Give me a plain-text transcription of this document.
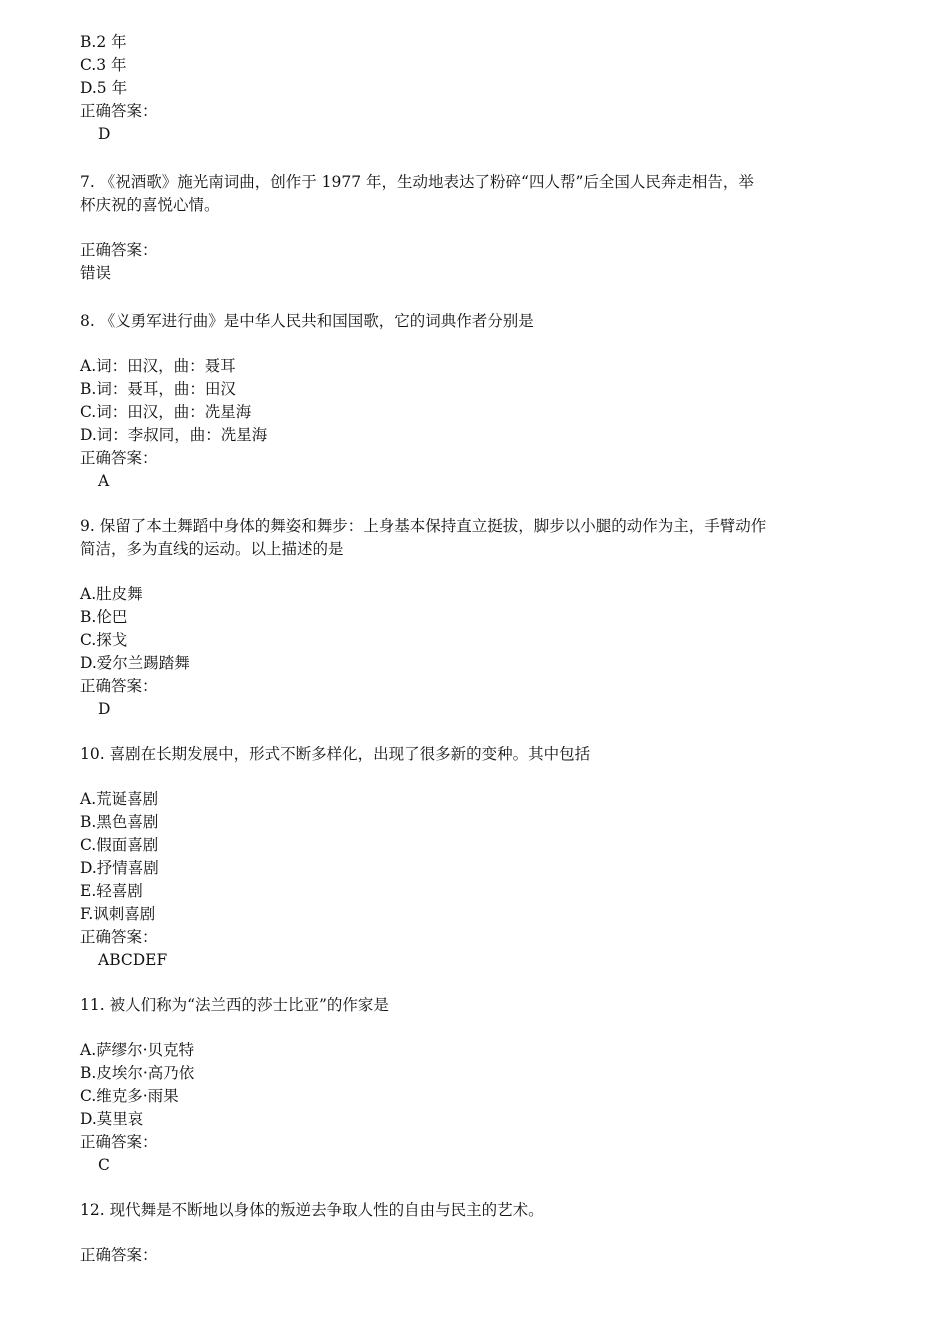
B.2 年
C.3 年
D.5 年
正确答案：
D
7. 《祝酒歌》施光南词曲，创作于 1977 年，生动地表达了粉碎“四人帮”后全国人民奔走相告，举
杯庆祝的喜悦心情。
正确答案：
错误
8. 《义勇军进行曲》是中华人民共和国国歌，它的词典作者分别是
A.词：田汉，曲：聂耳
B.词：聂耳，曲：田汉
C.词：田汉，曲：冼星海
D.词：李叔同，曲：冼星海
正确答案：
A
9. 保留了本土舞蹈中身体的舞姿和舞步：上身基本保持直立挺拔，脚步以小腿的动作为主，手臂动作
简洁，多为直线的运动。以上描述的是
A.肚皮舞
B.伦巴
C.探戈
D.爱尔兰踢踏舞
正确答案：
D
10. 喜剧在长期发展中，形式不断多样化，出现了很多新的变种。其中包括
A.荒诞喜剧
B.黑色喜剧
C.假面喜剧
D.抒情喜剧
E.轻喜剧
F.讽刺喜剧
正确答案：
ABCDEF
11. 被人们称为“法兰西的莎士比亚”的作家是
A.萨缪尔·贝克特
B.皮埃尔·高乃依
C.维克多·雨果
D.莫里哀
正确答案：
C
12. 现代舞是不断地以身体的叛逆去争取人性的自由与民主的艺术。
正确答案：
